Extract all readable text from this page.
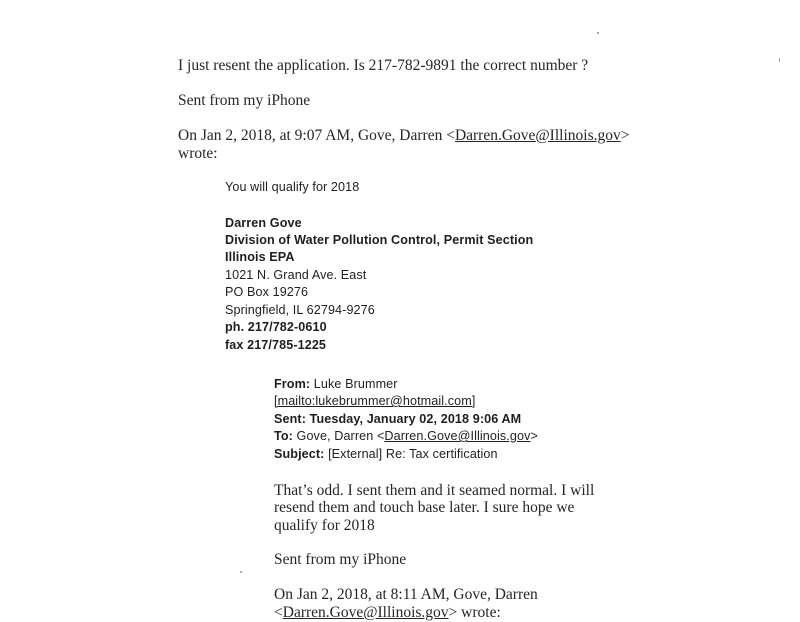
I just resent the application. Is 217-782-9891 the correct number ?
Sent from my iPhone
On Jan 2, 2018, at 9:07 AM, Gove, Darren <Darren.Gove@Illinois.gov>
wrote:
You will qualify for 2018
Darren Gove
Division of Water Pollution Control, Permit Section
Illinois EPA
1021 N. Grand Ave. East
PO Box 19276
Springfield, IL 62794-9276
ph. 217/782-0610
fax 217/785-1225
From: Luke Brummer
[mailto:lukebrummer@hotmail.com]
Sent: Tuesday, January 02, 2018 9:06 AM
To: Gove, Darren <Darren.Gove@Illinois.gov>
Subject: [External] Re: Tax certification
That’s odd. I sent them and it seamed normal. I will
resend them and touch base later. I sure hope we
qualify for 2018
Sent from my iPhone
On Jan 2, 2018, at 8:11 AM, Gove, Darren
<Darren.Gove@Illinois.gov> wrote:
